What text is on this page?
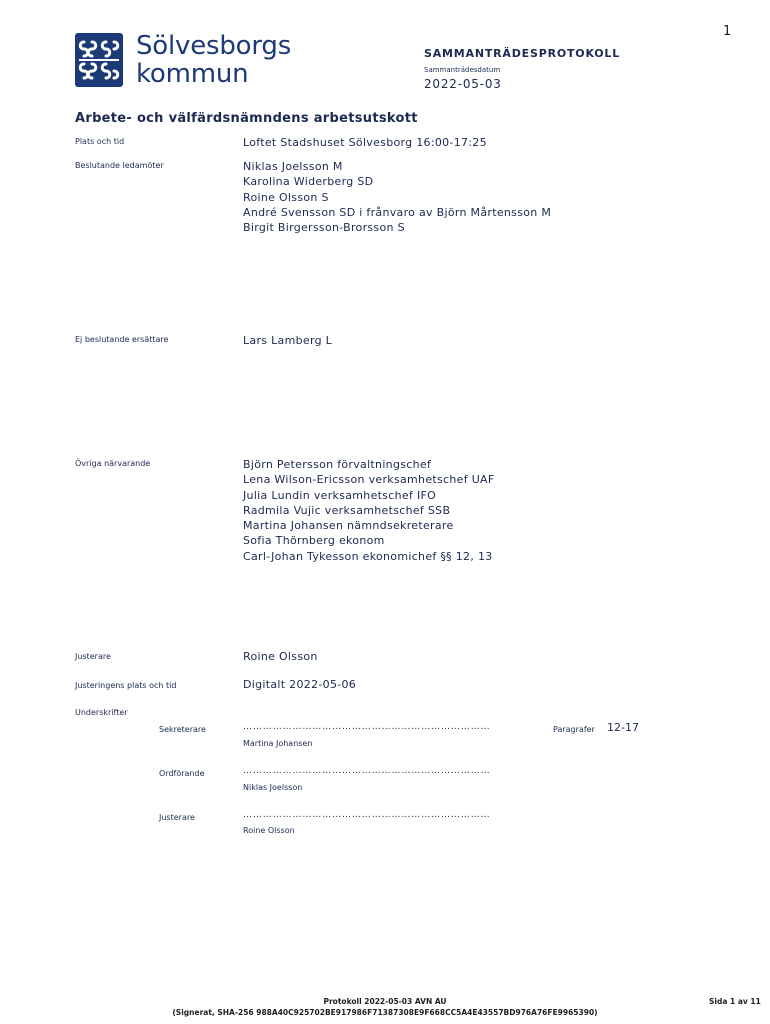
1
Sölvesborgs
kommun
SAMMANTRÄDESPROTOKOLL
Sammanträdesdatum
2022-05-03
Arbete- och välfärdsnämndens arbetsutskott
Plats och tid	Loftet Stadshuset Sölvesborg 16:00-17:25
Beslutande ledamöter	Niklas Joelsson M
Karolina Widerberg SD
Roine Olsson S
André Svensson SD i frånvaro av Björn Mårtensson M
Birgit Birgersson-Brorsson S
Ej beslutande ersättare	Lars Lamberg L
Övriga närvarande	Björn Petersson förvaltningschef
Lena Wilson-Ericsson verksamhetschef UAF
Julia Lundin verksamhetschef IFO
Radmila Vujic verksamhetschef SSB
Martina Johansen nämndsekreterare
Sofia Thörnberg ekonom
Carl-Johan Tykesson ekonomichef §§ 12, 13
Justerare	Roine Olsson
Justeringens plats och tid	Digitalt 2022-05-06
Underskrifter
Sekreterare	…………………………………………………………………	Paragrafer 12-17
Martina Johansen
Ordförande	…………………………………………………………………
Niklas Joelsson
Justerare	…………………………………………………………………
Roine Olsson
Protokoll 2022-05-03 AVN AU
(Signerat, SHA-256 988A40C925702BE917986F71387308E9F668CC5A4E43557BD976A76FE9965390)
Sida 1 av 11
